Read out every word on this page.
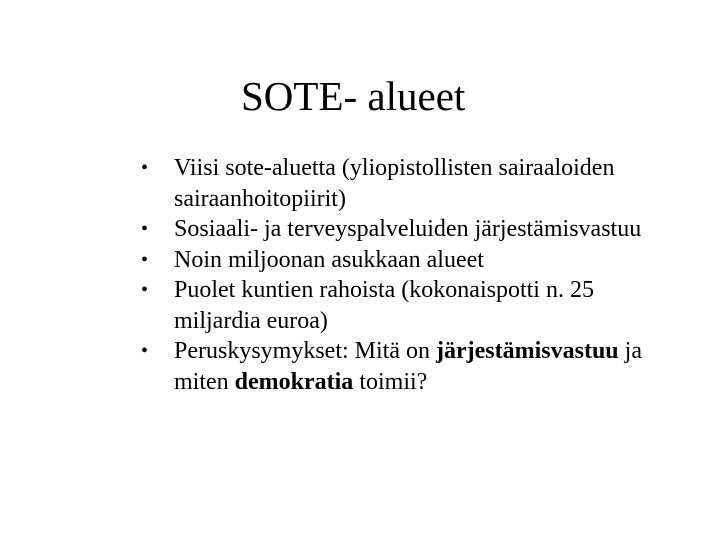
SOTE- alueet
•	Viisi sote-aluetta (yliopistollisten sairaaloiden
sairaanhoitopiirit)
•	Sosiaali- ja terveyspalveluiden järjestämisvastuu
•	Noin miljoonan asukkaan alueet
•	Puolet kuntien rahoista (kokonaispotti n. 25
miljardia euroa)
•	Peruskysymykset: Mitä on järjestämisvastuu ja
miten demokratia toimii?
